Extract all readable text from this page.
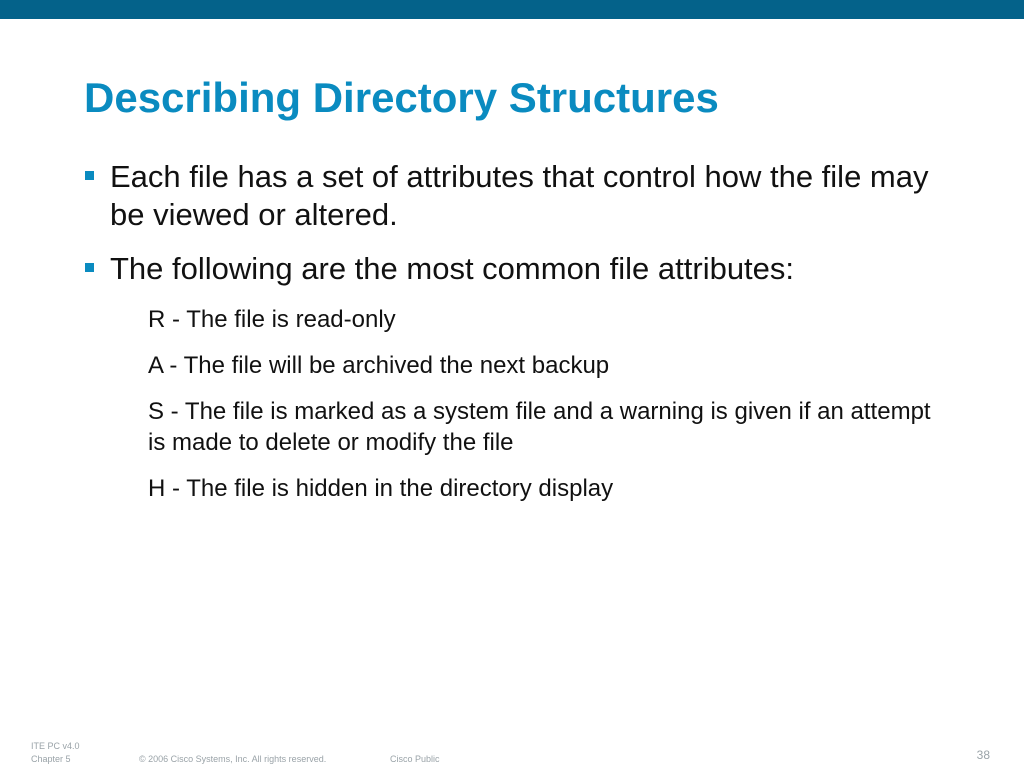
Describing Directory Structures
Each file has a set of attributes that control how the file may be viewed or altered.
The following are the most common file attributes:
R - The file is read-only
A - The file will be archived the next backup
S - The file is marked as a system file and a warning is given if an attempt is made to delete or modify the file
H - The file is hidden in the directory display
ITE PC v4.0
Chapter 5	© 2006 Cisco Systems, Inc. All rights reserved.	Cisco Public	38
